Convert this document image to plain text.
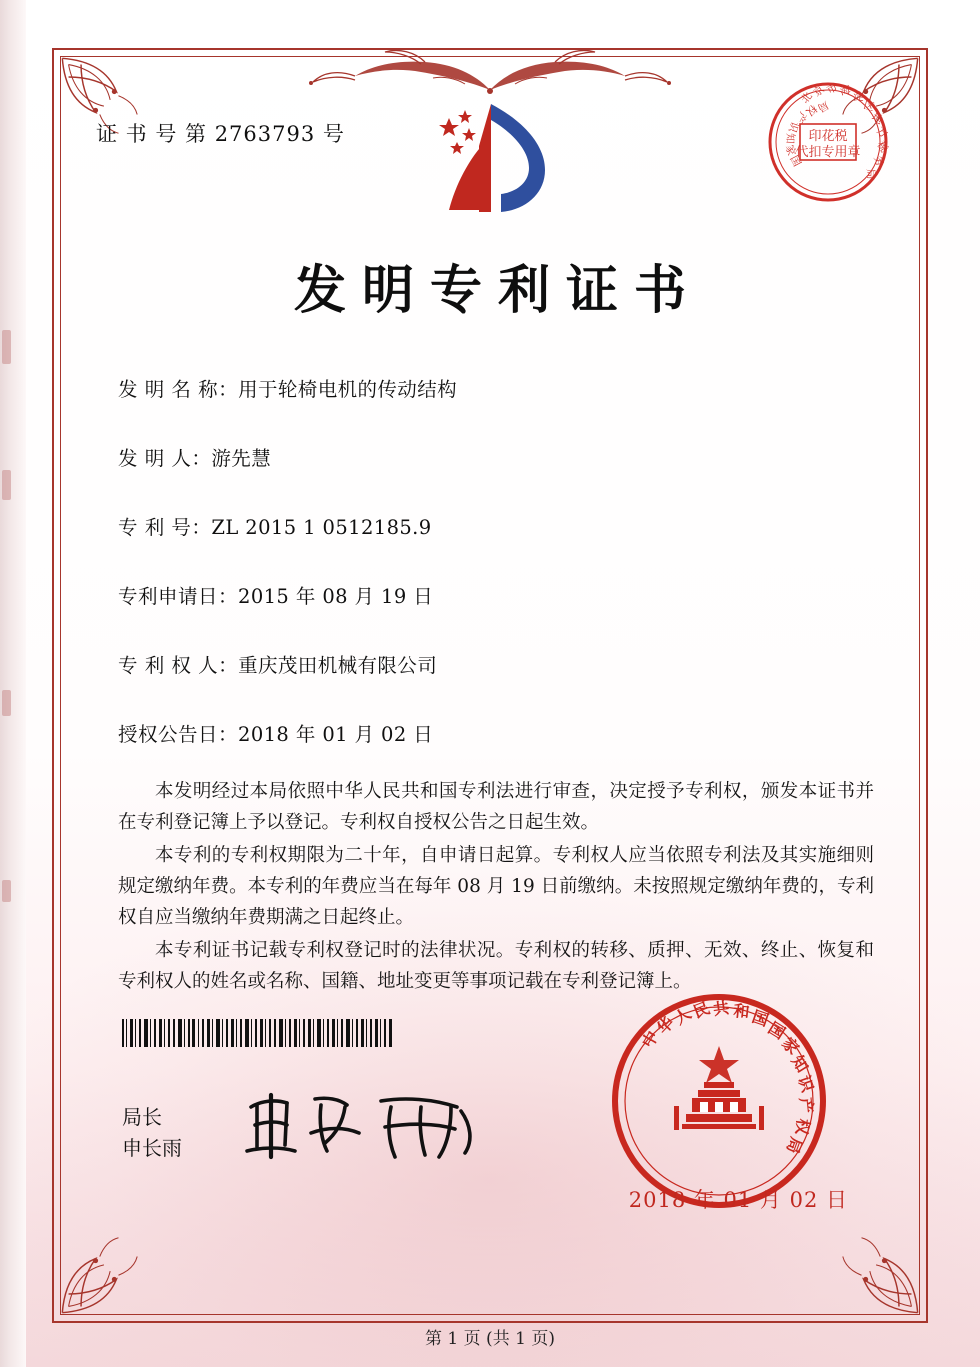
证 书 号 第 2763793 号	印花税
代扣专用章
北
京
市 海 淀
区
地
方
税
务
局
国
家
知
识
产
权
局
发明专利证书
发 明 名 称：用于轮椅电机的传动结构
发 明 人：游先慧
专 利 号：ZL 2015 1 0512185.9
专利申请日：2015 年 08 月 19 日
专 利 权 人：重庆茂田机械有限公司
授权公告日：2018 年 01 月 02 日

本发明经过本局依照中华人民共和国专利法进行审查，决定授予专利权，颁发本证书并在专利登记簿上予以登记。专利权自授权公告之日起生效。

本专利的专利权期限为二十年，自申请日起算。专利权人应当依照专利法及其实施细则规定缴纳年费。本专利的年费应当在每年 08 月 19 日前缴纳。未按照规定缴纳年费的，专利权自应当缴纳年费期满之日起终止。

本专利证书记载专利权登记时的法律状况。专利权的转移、质押、无效、终止、恢复和专利权人的姓名或名称、国籍、地址变更等事项记载在专利登记簿上。

局长
申长雨
中
华
人
民 共 和 国
国
家
知
识
产
权
局
2018 年 01 月 02 日
第 1 页 (共 1 页)
